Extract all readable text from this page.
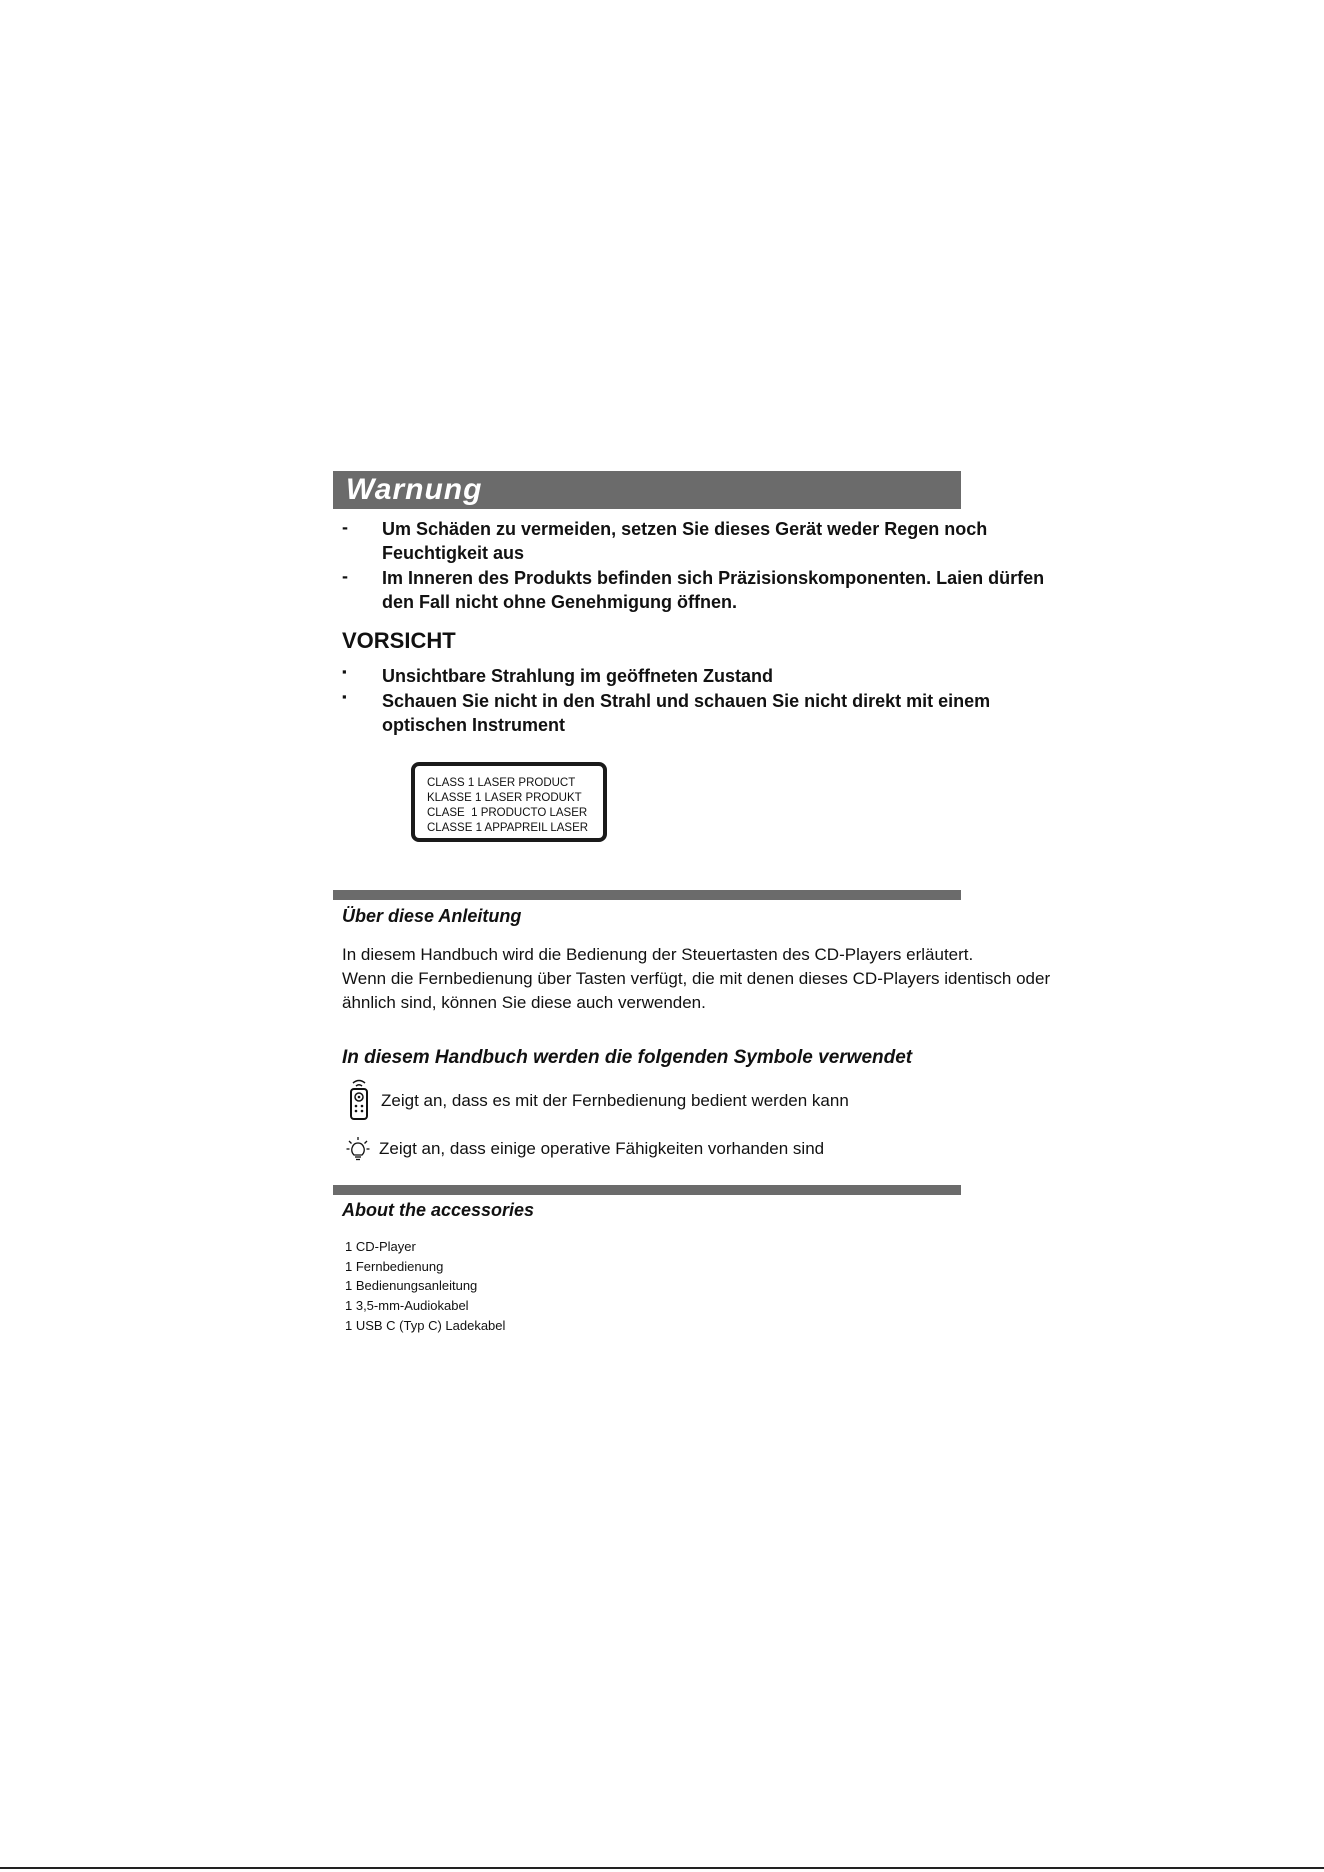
Warnung
- Um Schäden zu vermeiden, setzen Sie dieses Gerät weder Regen noch
Feuchtigkeit aus
- Im Inneren des Produkts befinden sich Präzisionskomponenten. Laien dürfen
den Fall nicht ohne Genehmigung öffnen.
VORSICHT
▪ Unsichtbare Strahlung im geöffneten Zustand
▪ Schauen Sie nicht in den Strahl und schauen Sie nicht direkt mit einem
optischen Instrument
CLASS 1 LASER PRODUCT
KLASSE 1 LASER PRODUKT
CLASE  1 PRODUCTO LASER
CLASSE 1 APPAPREIL LASER
Über diese Anleitung
In diesem Handbuch wird die Bedienung der Steuertasten des CD-Players erläutert.
Wenn die Fernbedienung über Tasten verfügt, die mit denen dieses CD-Players identisch oder
ähnlich sind, können Sie diese auch verwenden.
In diesem Handbuch werden die folgenden Symbole verwendet
Zeigt an, dass es mit der Fernbedienung bedient werden kann
Zeigt an, dass einige operative Fähigkeiten vorhanden sind
About the accessories
1 CD-Player
1 Fernbedienung
1 Bedienungsanleitung
1 3,5-mm-Audiokabel
1 USB C (Typ C) Ladekabel
